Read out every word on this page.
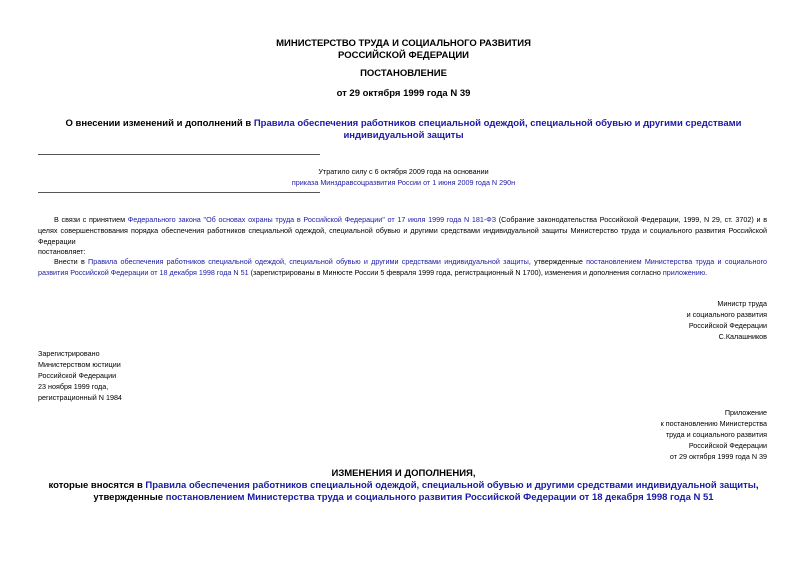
МИНИСТЕРСТВО ТРУДА И СОЦИАЛЬНОГО РАЗВИТИЯ
РОССИЙСКОЙ ФЕДЕРАЦИИ
ПОСТАНОВЛЕНИЕ
от 29 октября 1999 года N 39
О внесении изменений и дополнений в Правила обеспечения работников специальной одеждой, специальной обувью и другими средствами индивидуальной защиты
Утратило силу с 6 октября 2009 года на основании
приказа Минздравсоцразвития России от 1 июня 2009 года N 290н
В связи с принятием Федерального закона "Об основах охраны труда в Российской Федерации" от 17 июля 1999 года N 181-ФЗ (Собрание законодательства Российской Федерации, 1999, N 29, ст. 3702) и в целях совершенствования порядка обеспечения работников специальной одеждой, специальной обувью и другими средствами индивидуальной защиты Министерство труда и социального развития Российской Федерации
постановляет:
Внести в Правила обеспечения работников специальной одеждой, специальной обувью и другими средствами индивидуальной защиты, утвержденные постановлением Министерства труда и социального развития Российской Федерации от 18 декабря 1998 года N 51 (зарегистрированы в Минюсте России 5 февраля 1999 года, регистрационный N 1700), изменения и дополнения согласно приложению.
Министр труда
и социального развития
Российской Федерации
С.Калашников
Зарегистрировано
Министерством юстиции
Российской Федерации
23 ноября 1999 года,
регистрационный N 1984
Приложение
к постановлению Министерства
труда и социального развития
Российской Федерации
от 29 октября 1999 года N 39
ИЗМЕНЕНИЯ И ДОПОЛНЕНИЯ,
которые вносятся в Правила обеспечения работников специальной одеждой, специальной обувью и другими средствами индивидуальной защиты, утвержденные постановлением Министерства труда и социального развития Российской Федерации от 18 декабря 1998 года N 51
